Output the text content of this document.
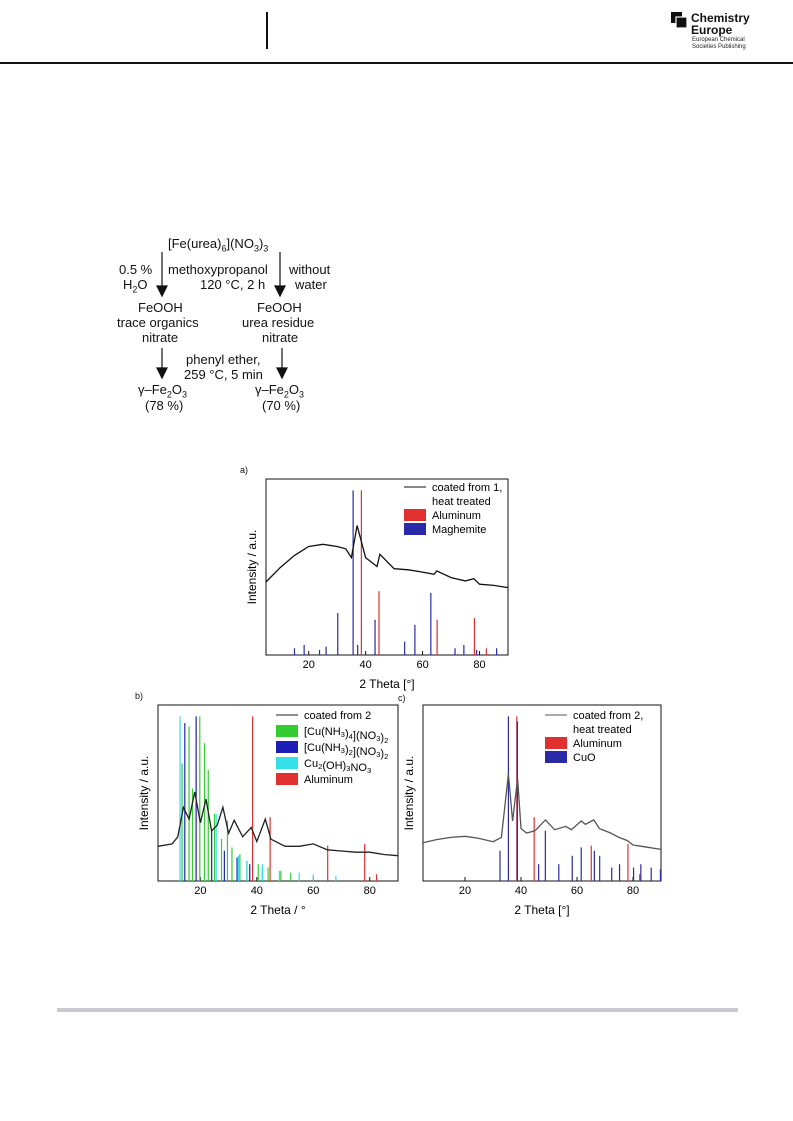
Chemistry
Europe
European Chemical
Societies Publishing
$[Fe(urea)_6](NO_3)_3$
methoxypropanol
120 °C, 2 h
0.5 %
$H_2O$
without
water
FeOOH
trace organics
nitrate
FeOOH
urea residue
nitrate
phenyl ether,
259 °C, 5 min
$\gamma-Fe_2O_3$
(78 %)
$\gamma-Fe_2O_3$
(70 %)
a)
20	40	60	80
2 Theta [°]
Intensity / a.u.
coated from 1,
heat treated
Aluminum
Maghemite
b)
20	40	60	80
2 Theta / °
Intensity / a.u.
coated from 2
[Cu(NH3)4](NO3)2
[Cu(NH3)2](NO3)2
Cu2(OH)3NO3
Aluminum
c)
20	40	60	80
2 Theta [°]
Intensity / a.u.
coated from 2,
heat treated
Aluminum
CuO
